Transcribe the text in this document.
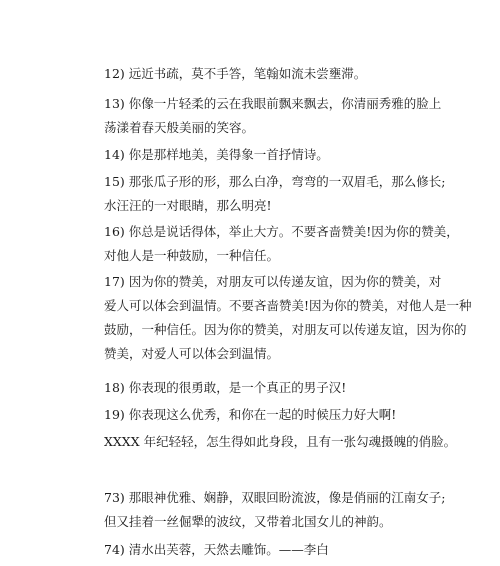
12) 远近书疏，莫不手答，笔翰如流未尝壅滞。
13) 你像一片轻柔的云在我眼前飘来飘去，你清丽秀雅的脸上
荡漾着春天般美丽的笑容。
14) 你是那样地美，美得象一首抒情诗。
15) 那张瓜子形的形，那么白净，弯弯的一双眉毛，那么修长;
水汪汪的一对眼睛，那么明亮!
16) 你总是说话得体，举止大方。不要吝啬赞美!因为你的赞美，
对他人是一种鼓励，一种信任。
17) 因为你的赞美，对朋友可以传递友谊，因为你的赞美，对
爱人可以体会到温情。不要吝啬赞美!因为你的赞美，对他人是一种
鼓励，一种信任。因为你的赞美，对朋友可以传递友谊，因为你的
赞美，对爱人可以体会到温情。
18) 你表现的很勇敢，是一个真正的男子汉!
19) 你表现这么优秀，和你在一起的时候压力好大啊!
XXXX 年纪轻轻，怎生得如此身段，且有一张勾魂摄魄的俏脸。
73) 那眼神优雅、娴静，双眼回盼流波，像是俏丽的江南女子;
但又挂着一丝倔犟的波纹，又带着北国女儿的神韵。
74) 清水出芙蓉，天然去雕饰。——李白
